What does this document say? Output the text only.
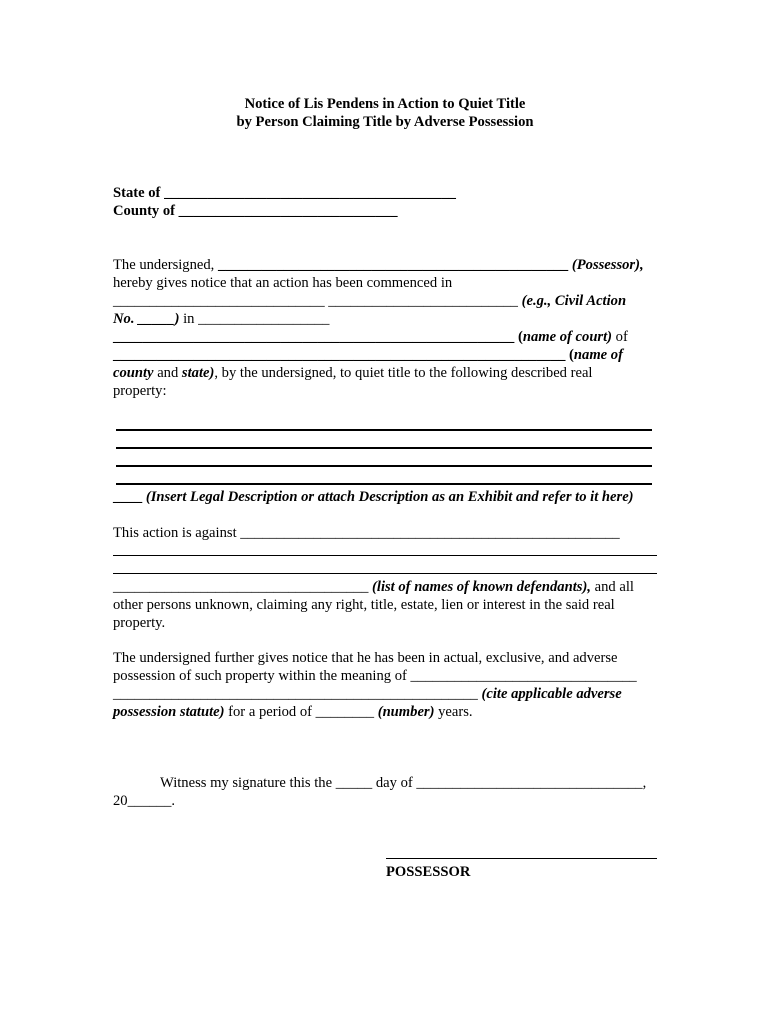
Notice of Lis Pendens in Action to Quiet Title
by Person Claiming Title by Adverse Possession
State of ________________________________________
County of ______________________________
The undersigned, ________________________________________________ (Possessor),
hereby gives notice that an action has been commenced in
_____________________________ __________________________ (e.g., Civil Action
No. _____) in __________________
_______________________________________________________ (name of court) of
______________________________________________________________ (name of
county and state), by the undersigned, to quiet title to the following described real
property:
____ (Insert Legal Description or attach Description as an Exhibit and refer to it here)
This action is against ____________________________________________________
___________________________________ (list of names of known defendants), and all
other persons unknown, claiming any right, title, estate, lien or interest in the said real
property.
The undersigned further gives notice that he has been in actual, exclusive, and adverse
possession of such property within the meaning of _______________________________
__________________________________________________ (cite applicable adverse
possession statute) for a period of ________ (number) years.
Witness my signature this the _____ day of _______________________________,
20______.
POSSESSOR
